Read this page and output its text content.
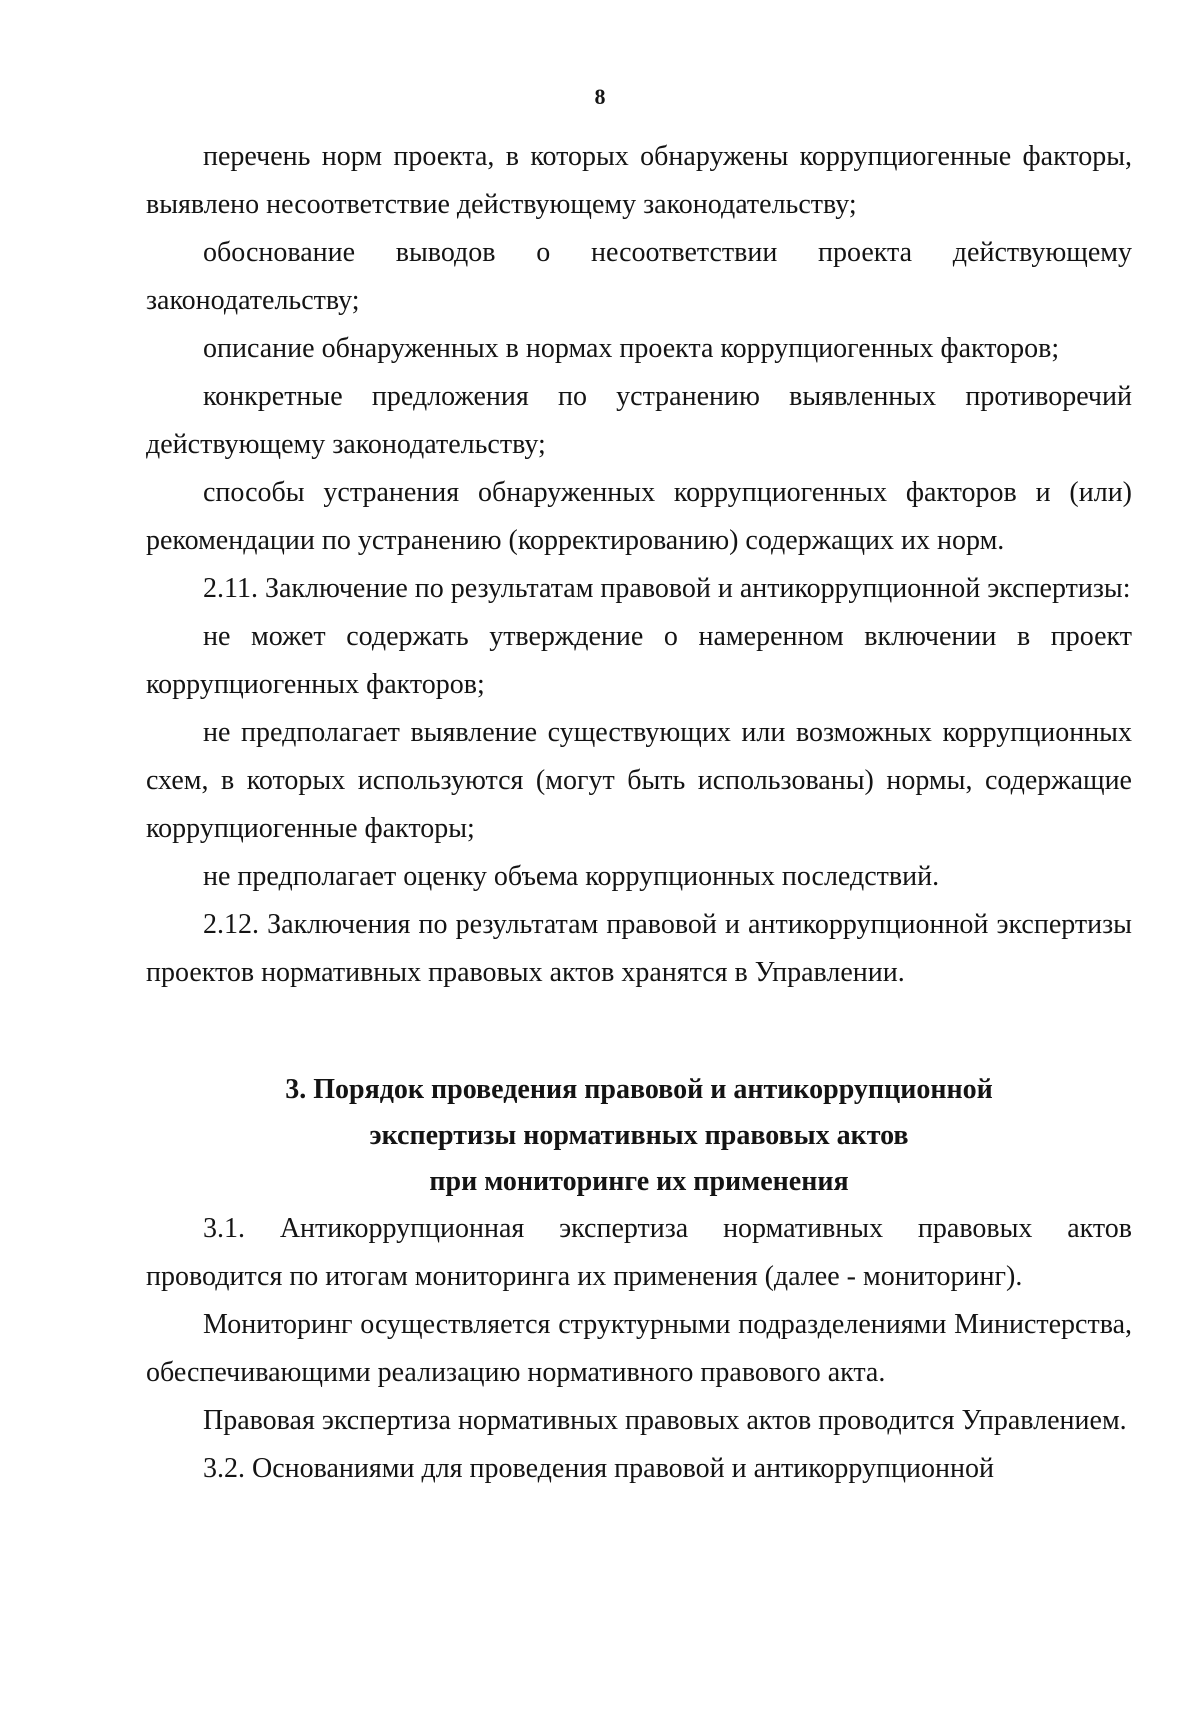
8

перечень норм проекта, в которых обнаружены коррупциогенные факторы, выявлено несоответствие действующему законодательству;

обоснование выводов о несоответствии проекта действующему законодательству;

описание обнаруженных в нормах проекта коррупциогенных факторов;

конкретные предложения по устранению выявленных противоречий действующему законодательству;

способы устранения обнаруженных коррупциогенных факторов и (или) рекомендации по устранению (корректированию) содержащих их норм.

2.11. Заключение по результатам правовой и антикоррупционной экспертизы:

не может содержать утверждение о намеренном включении в проект коррупциогенных факторов;

не предполагает выявление существующих или возможных коррупционных схем, в которых используются (могут быть использованы) нормы, содержащие коррупциогенные факторы;

не предполагает оценку объема коррупционных последствий.

2.12. Заключения по результатам правовой и антикоррупционной экспертизы проектов нормативных правовых актов хранятся в Управлении.

3. Порядок проведения правовой и антикоррупционной
экспертизы нормативных правовых актов
при мониторинге их применения

3.1. Антикоррупционная экспертиза нормативных правовых актов проводится по итогам мониторинга их применения (далее - мониторинг).

Мониторинг осуществляется структурными подразделениями Министерства, обеспечивающими реализацию нормативного правового акта.

Правовая экспертиза нормативных правовых актов проводится Управлением.

3.2. Основаниями для проведения правовой и антикоррупционной
